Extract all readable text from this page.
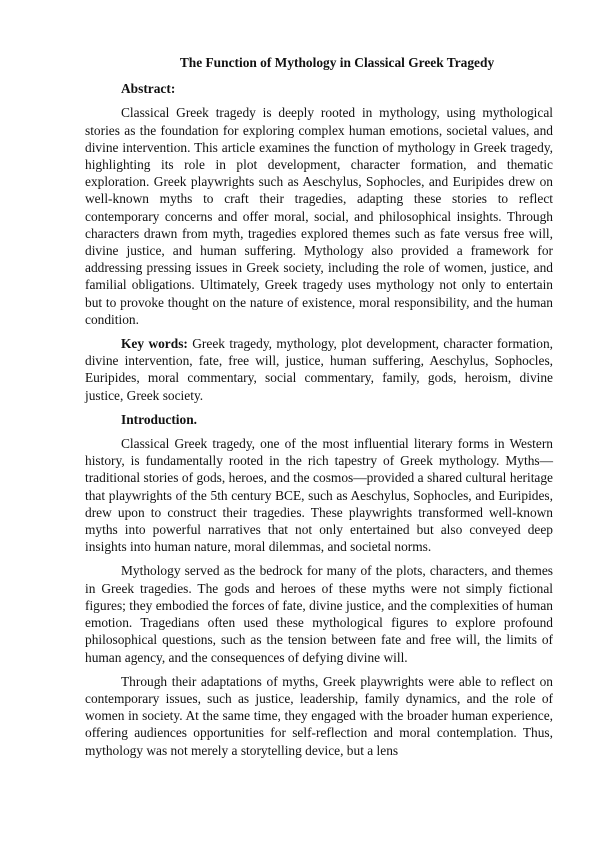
The Function of Mythology in Classical Greek Tragedy
Abstract:

Classical Greek tragedy is deeply rooted in mythology, using mythological stories as the foundation for exploring complex human emotions, societal values, and divine intervention. This article examines the function of mythology in Greek tragedy, highlighting its role in plot development, character formation, and thematic exploration. Greek playwrights such as Aeschylus, Sophocles, and Euripides drew on well-known myths to craft their tragedies, adapting these stories to reflect contemporary concerns and offer moral, social, and philosophical insights. Through characters drawn from myth, tragedies explored themes such as fate versus free will, divine justice, and human suffering. Mythology also provided a framework for addressing pressing issues in Greek society, including the role of women, justice, and familial obligations. Ultimately, Greek tragedy uses mythology not only to entertain but to provoke thought on the nature of existence, moral responsibility, and the human condition.

Key words: Greek tragedy, mythology, plot development, character formation, divine intervention, fate, free will, justice, human suffering, Aeschylus, Sophocles, Euripides, moral commentary, social commentary, family, gods, heroism, divine justice, Greek society.

Introduction.

Classical Greek tragedy, one of the most influential literary forms in Western history, is fundamentally rooted in the rich tapestry of Greek mythology. Myths—traditional stories of gods, heroes, and the cosmos—provided a shared cultural heritage that playwrights of the 5th century BCE, such as Aeschylus, Sophocles, and Euripides, drew upon to construct their tragedies. These playwrights transformed well-known myths into powerful narratives that not only entertained but also conveyed deep insights into human nature, moral dilemmas, and societal norms.

Mythology served as the bedrock for many of the plots, characters, and themes in Greek tragedies. The gods and heroes of these myths were not simply fictional figures; they embodied the forces of fate, divine justice, and the complexities of human emotion. Tragedians often used these mythological figures to explore profound philosophical questions, such as the tension between fate and free will, the limits of human agency, and the consequences of defying divine will.

Through their adaptations of myths, Greek playwrights were able to reflect on contemporary issues, such as justice, leadership, family dynamics, and the role of women in society. At the same time, they engaged with the broader human experience, offering audiences opportunities for self-reflection and moral contemplation. Thus, mythology was not merely a storytelling device, but a lens
